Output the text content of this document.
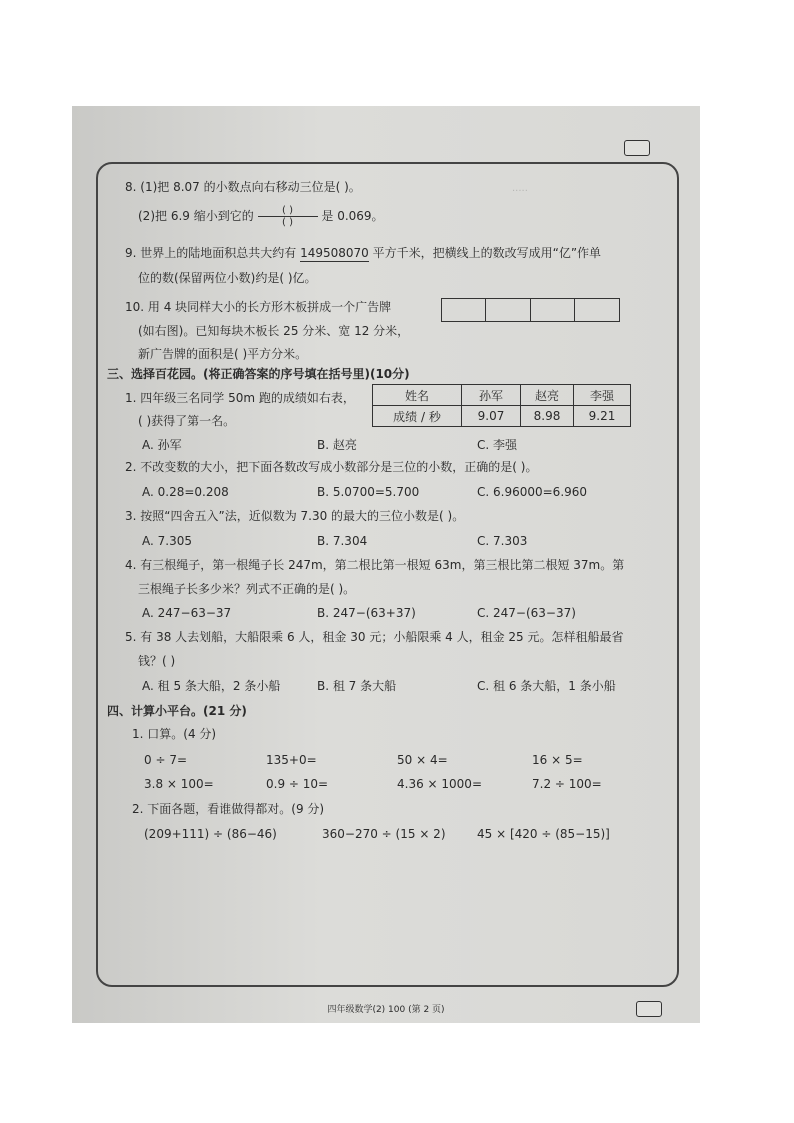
·····
8. (1)把 8.07 的小数点向右移动三位是( )。
(2)把 6.9 缩小到它的 $\frac{( )}{( )}$ 是 0.069。
9. 世界上的陆地面积总共大约有 149508070 平方千米，把横线上的数改写成用“亿”作单
位的数(保留两位小数)约是( )亿。
10. 用 4 块同样大小的长方形木板拼成一个广告牌
(如右图)。已知每块木板长 25 分米、宽 12 分米，
新广告牌的面积是( )平方分米。
三、选择百花园。(将正确答案的序号填在括号里)(10分)
1. 四年级三名同学 50m 跑的成绩如右表，
( )获得了第一名。
姓名	孙军	赵亮	李强
成绩 / 秒	9.07	8.98	9.21
A. 孙军	B. 赵亮	C. 李强
2. 不改变数的大小，把下面各数改写成小数部分是三位的小数，正确的是( )。
A. 0.28=0.208	B. 5.0700=5.700	C. 6.96000=6.960
3. 按照“四舍五入”法，近似数为 7.30 的最大的三位小数是( )。
A. 7.305	B. 7.304	C. 7.303
4. 有三根绳子，第一根绳子长 247m，第二根比第一根短 63m，第三根比第二根短 37m。第
三根绳子长多少米？列式不正确的是( )。
A. 247−63−37	B. 247−(63+37)	C. 247−(63−37)
5. 有 38 人去划船，大船限乘 6 人，租金 30 元；小船限乘 4 人，租金 25 元。怎样租船最省
钱？( )
A. 租 5 条大船，2 条小船	B. 租 7 条大船	C. 租 6 条大船，1 条小船
四、计算小平台。(21 分)
1. 口算。(4 分)
0 ÷ 7=	135+0=	50 × 4=	16 × 5=
3.8 × 100=	0.9 ÷ 10=	4.36 × 1000=	7.2 ÷ 100=
2. 下面各题，看谁做得都对。(9 分)
(209+111) ÷ (86−46)	360−270 ÷ (15 × 2)	45 × [420 ÷ (85−15)]
四年级数学(2) 100 (第 2 页)
